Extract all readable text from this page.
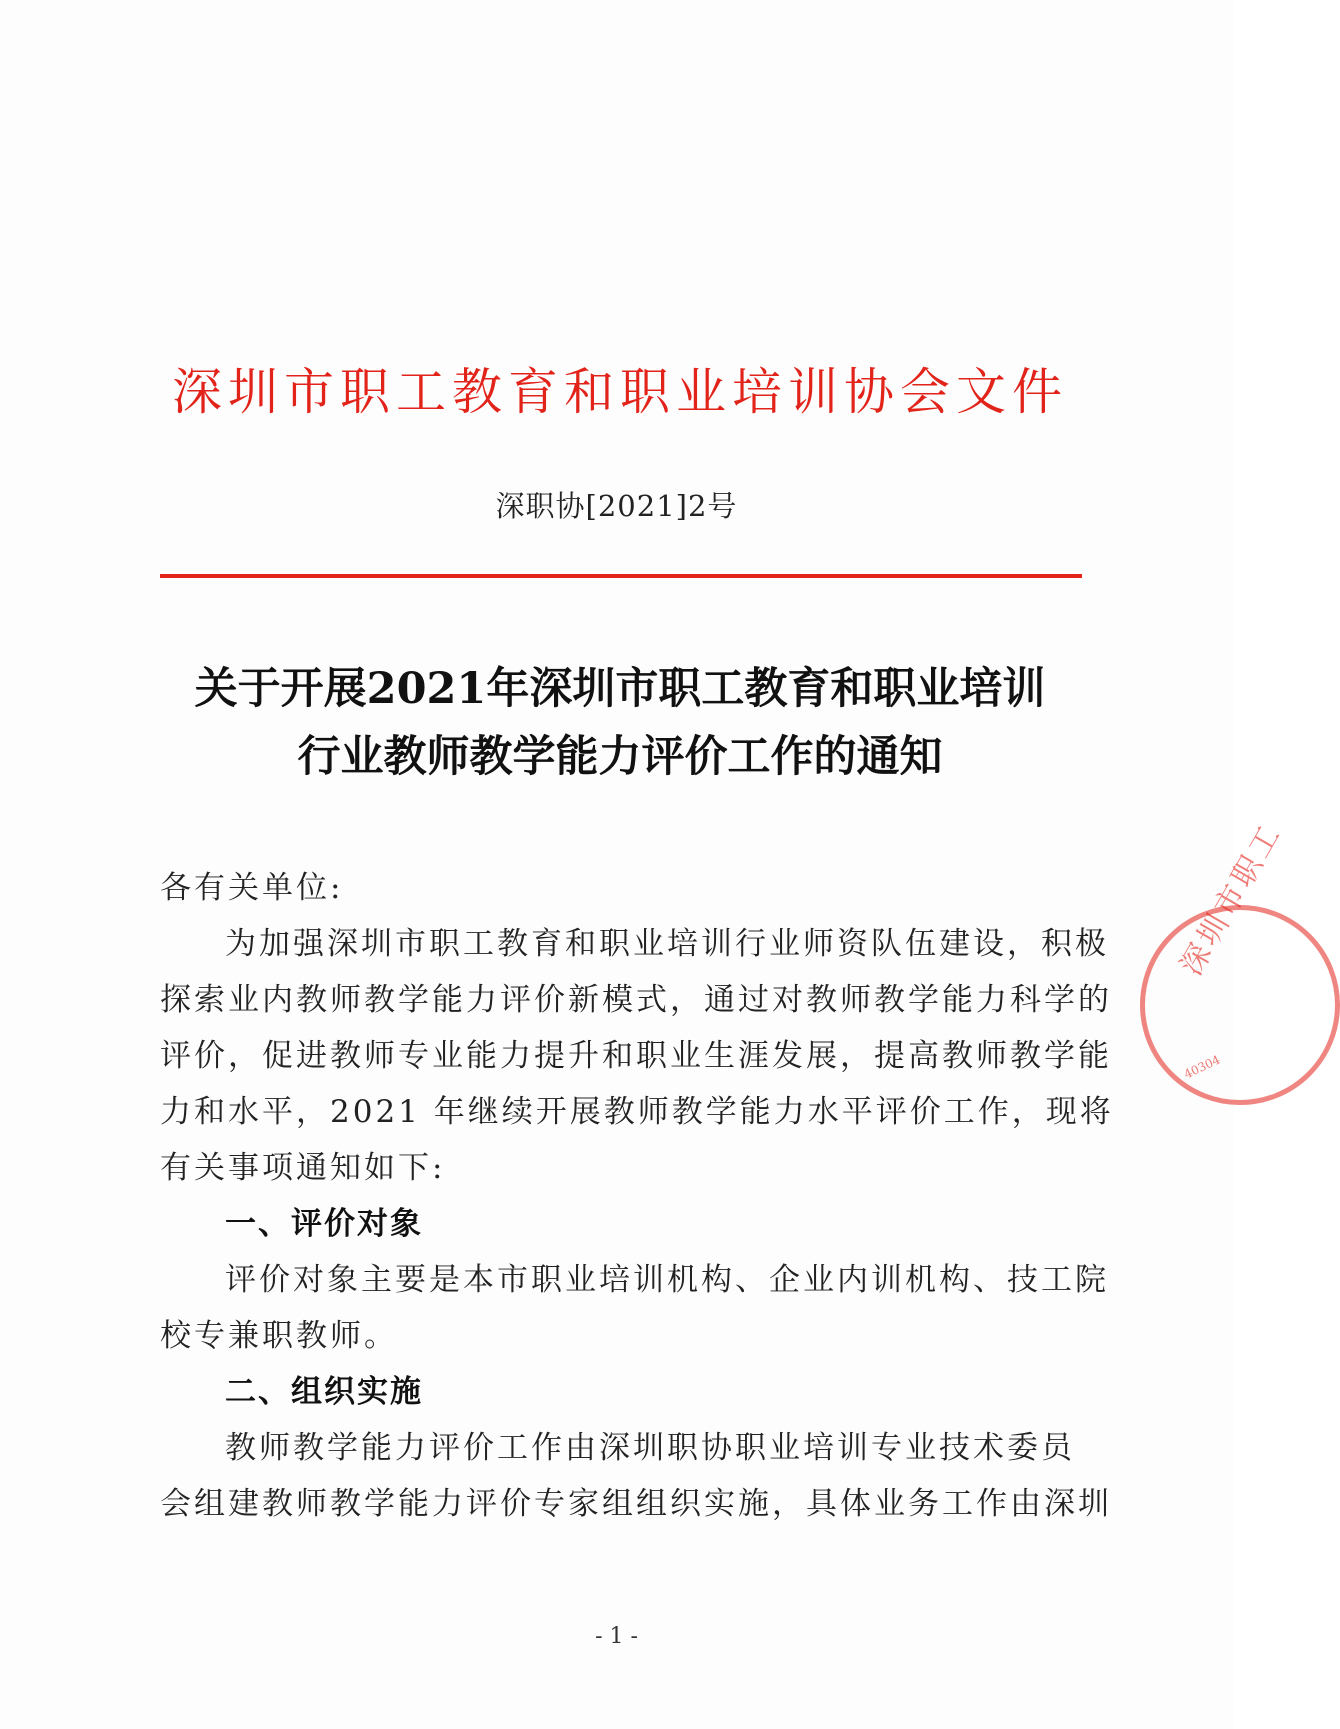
深圳市职工教育和职业培训协会文件
深职协[2021]2号
关于开展2021年深圳市职工教育和职业培训
行业教师教学能力评价工作的通知
各有关单位:
为加强深圳市职工教育和职业培训行业师资队伍建设，积极
探索业内教师教学能力评价新模式，通过对教师教学能力科学的
评价，促进教师专业能力提升和职业生涯发展，提高教师教学能
力和水平，2021 年继续开展教师教学能力水平评价工作，现将
有关事项通知如下:
一、评价对象
评价对象主要是本市职业培训机构、企业内训机构、技工院
校专兼职教师。
二、组织实施
教师教学能力评价工作由深圳职协职业培训专业技术委员
会组建教师教学能力评价专家组组织实施，具体业务工作由深圳
- 1 -
深圳市职工
40304
